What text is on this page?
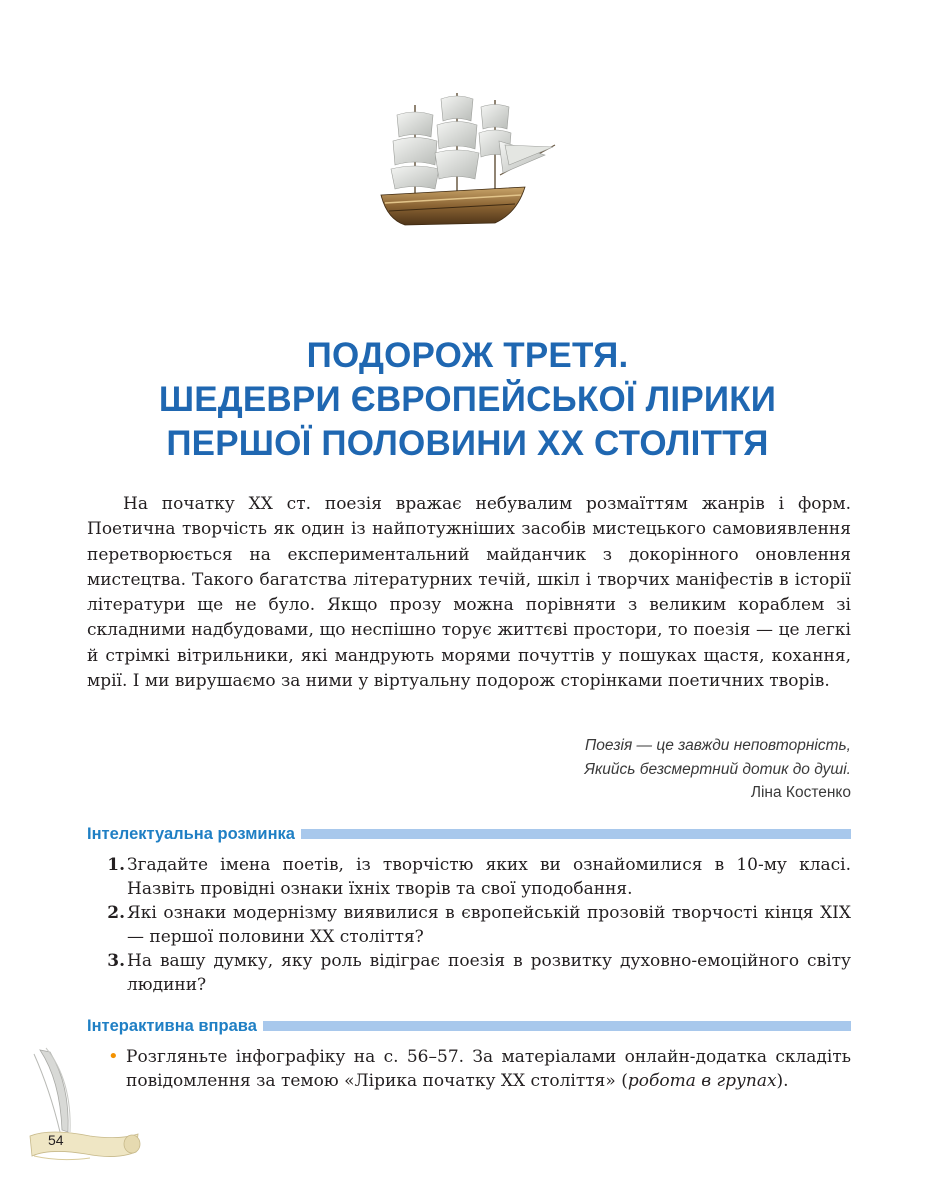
ПОДОРОЖ ТРЕТЯ.
ШЕДЕВРИ ЄВРОПЕЙСЬКОЇ ЛІРИКИ
ПЕРШОЇ ПОЛОВИНИ XX СТОЛІТТЯ

На початку XX ст. поезія вражає небувалим розмаїттям жанрів і форм. Поетична творчість як один із найпотужніших засобів мистецького самовиявлення перетворюється на експериментальний майданчик з докорінного оновлення мистецтва. Такого багатства літературних течій, шкіл і творчих маніфестів в історії літератури ще не було. Якщо прозу можна порівняти з великим кораблем зі складними надбудовами, що неспішно торує життєві простори, то поезія — це легкі й стрімкі вітрильники, які мандрують морями почуттів у пошуках щастя, кохання, мрії. І ми вирушаємо за ними у віртуальну подорож сторінками поетичних творів.

Поезія — це завжди неповторність,
Якийсь безсмертний дотик до душі.
Ліна Костенко
Інтелектуальна розминка
1. Згадайте імена поетів, із творчістю яких ви ознайомилися в 10-му класі. Назвіть провідні ознаки їхніх творів та свої уподобання.
2. Які ознаки модернізму виявилися в європейській прозовій творчості кінця XIX — першої половини XX століття?
3. На вашу думку, яку роль відіграє поезія в розвитку духовно-емоційного світу людини?
Інтерактивна вправа
• Розгляньте інфографіку на с. 56–57. За матеріалами онлайн-додатка складіть повідомлення за темою «Лірика початку XX століття» (робота в групах).
54
